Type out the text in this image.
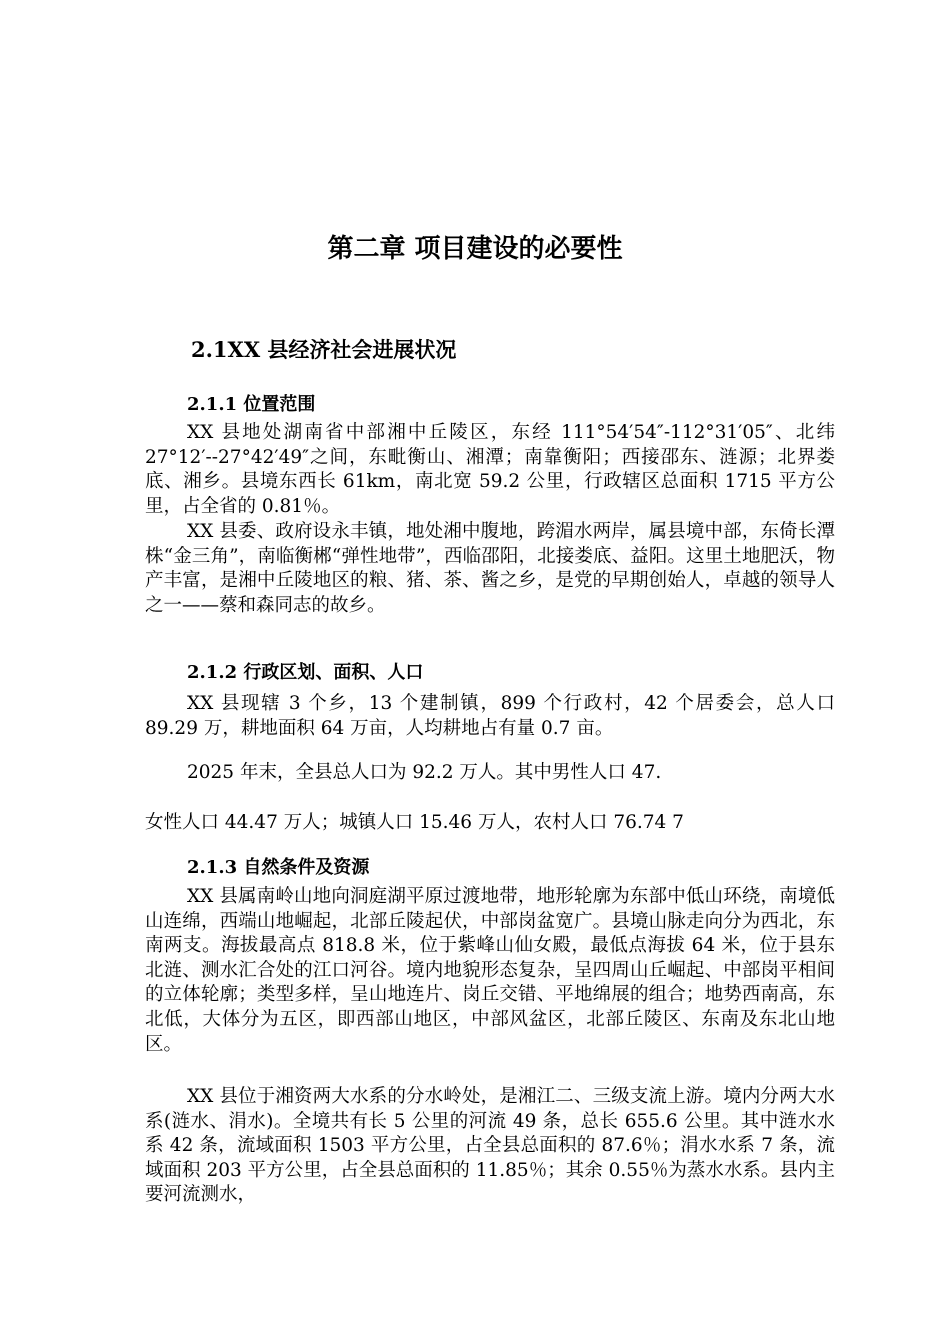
第二章 项目建设的必要性
2.1XX 县经济社会进展状况
2.1.1 位置范围

XX 县地处湖南省中部湘中丘陵区，东经 111°54′54″-112°31′05″、北纬 27°12′--27°42′49″之间，东毗衡山、湘潭；南靠衡阳；西接邵东、涟源；北界娄底、湘乡。县境东西长 61km，南北宽 59.2 公里，行政辖区总面积 1715 平方公里，占全省的 0.81％。

XX 县委、政府设永丰镇，地处湘中腹地，跨湄水两岸，属县境中部，东倚长潭株“金三角”，南临衡郴“弹性地带”，西临邵阳，北接娄底、益阳。这里土地肥沃，物产丰富，是湘中丘陵地区的粮、猪、茶、酱之乡，是党的早期创始人，卓越的领导人之一——蔡和森同志的故乡。

2.1.2 行政区划、面积、人口

XX 县现辖 3 个乡，13 个建制镇，899 个行政村，42 个居委会，总人口 89.29 万，耕地面积 64 万亩，人均耕地占有量 0.7 亩。

2025 年末，全县总人口为 92.2 万人。其中男性人口 47.

女性人口 44.47 万人；城镇人口 15.46 万人，农村人口 76.74 7

2.1.3 自然条件及资源

XX 县属南岭山地向洞庭湖平原过渡地带，地形轮廓为东部中低山环绕，南境低山连绵，西端山地崛起，北部丘陵起伏，中部岗盆宽广。县境山脉走向分为西北，东南两支。海拔最高点 818.8 米，位于紫峰山仙女殿，最低点海拔 64 米，位于县东北涟、测水汇合处的江口河谷。境内地貌形态复杂，呈四周山丘崛起、中部岗平相间的立体轮廓；类型多样，呈山地连片、岗丘交错、平地绵展的组合；地势西南高，东北低，大体分为五区，即西部山地区，中部风盆区，北部丘陵区、东南及东北山地区。

XX 县位于湘资两大水系的分水岭处，是湘江二、三级支流上游。境内分两大水系(涟水、涓水)。全境共有长 5 公里的河流 49 条，总长 655.6 公里。其中涟水水系 42 条，流域面积 1503 平方公里，占全县总面积的 87.6％；涓水水系 7 条，流域面积 203 平方公里，占全县总面积的 11.85％；其余 0.55％为蒸水水系。县内主要河流测水，
